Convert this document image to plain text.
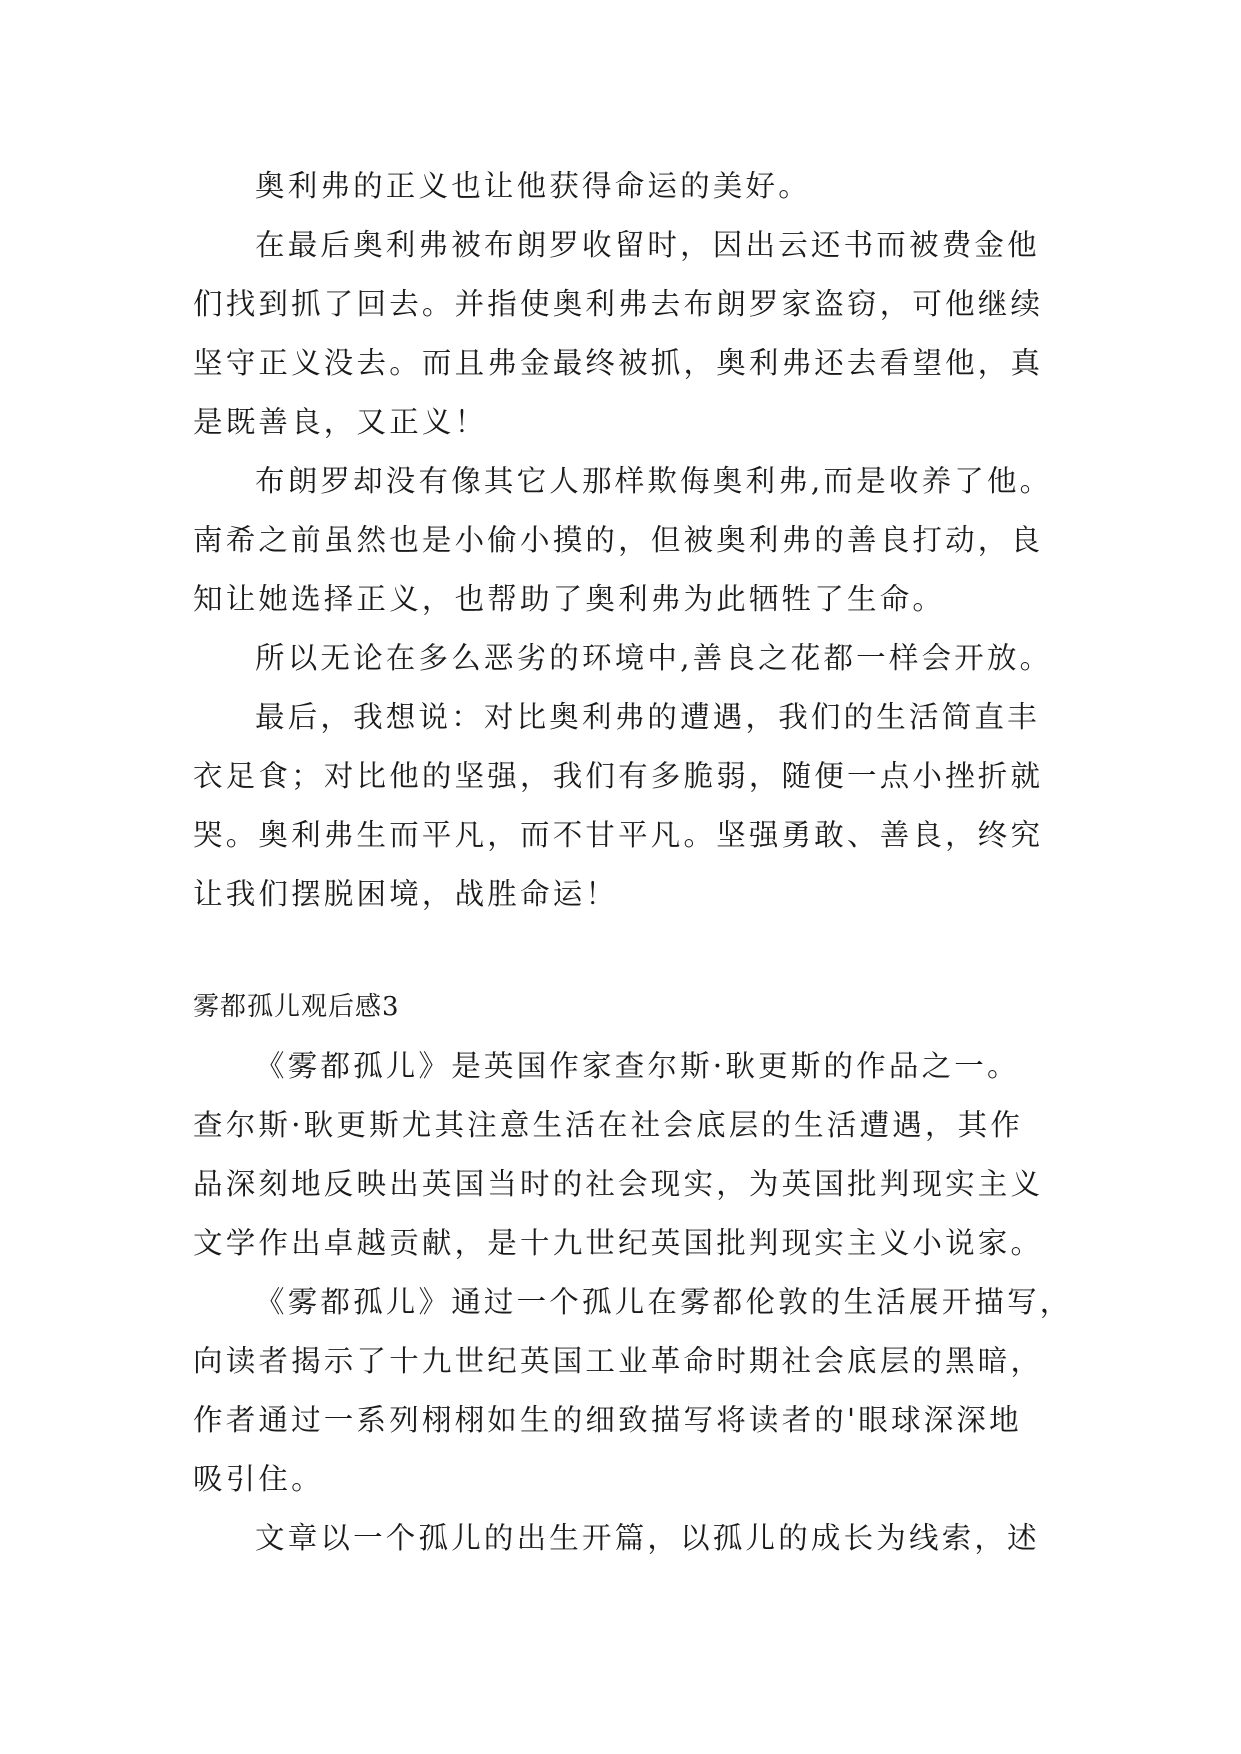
奥利弗的正义也让他获得命运的美好。
在最后奥利弗被布朗罗收留时，因出云还书而被费金他
们找到抓了回去。并指使奥利弗去布朗罗家盗窃，可他继续
坚守正义没去。而且弗金最终被抓，奥利弗还去看望他，真
是既善良，又正义！
布朗罗却没有像其它人那样欺侮奥利弗,而是收养了他。
南希之前虽然也是小偷小摸的，但被奥利弗的善良打动，良
知让她选择正义，也帮助了奥利弗为此牺牲了生命。
所以无论在多么恶劣的环境中,善良之花都一样会开放。
最后，我想说：对比奥利弗的遭遇，我们的生活简直丰
衣足食；对比他的坚强，我们有多脆弱，随便一点小挫折就
哭。奥利弗生而平凡，而不甘平凡。坚强勇敢、善良，终究
让我们摆脱困境，战胜命运！
雾都孤儿观后感3
《雾都孤儿》是英国作家查尔斯·耿更斯的作品之一。
查尔斯·耿更斯尤其注意生活在社会底层的生活遭遇，其作
品深刻地反映出英国当时的社会现实，为英国批判现实主义
文学作出卓越贡献，是十九世纪英国批判现实主义小说家。
《雾都孤儿》通过一个孤儿在雾都伦敦的生活展开描写，
向读者揭示了十九世纪英国工业革命时期社会底层的黑暗，
作者通过一系列栩栩如生的细致描写将读者的'眼球深深地
吸引住。
文章以一个孤儿的出生开篇，以孤儿的成长为线索，述
